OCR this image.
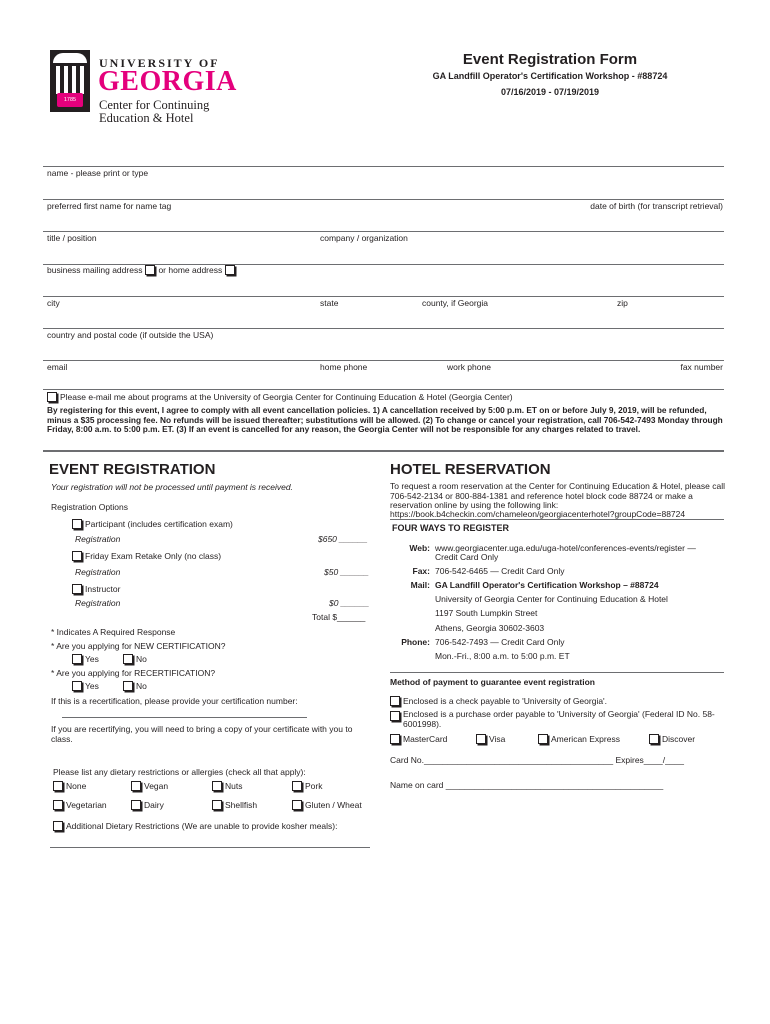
1785
UNIVERSITY OF
GEORGIA
Center for Continuing
Education & Hotel
Event Registration Form
GA Landfill Operator's Certification Workshop - #88724
07/16/2019 - 07/19/2019
name - please print or type
preferred first name for name tag	date of birth (for transcript retrieval)
title / position	company / organization
business mailing address or home address
city	state	county, if Georgia	zip
country and postal code (if outside the USA)
email	home phone	work phone	fax number
Please e-mail me about programs at the University of Georgia Center for Continuing Education & Hotel (Georgia Center)
By registering for this event, I agree to comply with all event cancellation policies. 1) A cancellation received by 5:00 p.m. ET on or before July 9, 2019, will be refunded, minus a $35 processing fee. No refunds will be issued thereafter; substitutions will be allowed. (2) To change or cancel your registration, call 706-542-7493 Monday through Friday, 8:00 a.m. to 5:00 p.m. ET. (3) If an event is cancelled for any reason, the Georgia Center will not be responsible for any charges related to travel.
EVENT REGISTRATION
Your registration will not be processed until payment is received.
Registration Options
Participant (includes certification exam)
Registration	$650 ______
Friday Exam Retake Only (no class)
Registration	$50 ______
Instructor
Registration	$0 ______
Total $______
* Indicates A Required Response
* Are you applying for NEW CERTIFICATION?
Yes	No
* Are you applying for RECERTIFICATION?
Yes	No
If this is a recertification, please provide your certification number:
If you are recertifying, you will need to bring a copy of your certificate with you to class.
Please list any dietary restrictions or allergies (check all that apply):
None	Vegan	Nuts	Pork
Vegetarian	Dairy	Shellfish	Gluten / Wheat
Additional Dietary Restrictions (We are unable to provide kosher meals):
HOTEL RESERVATION
To request a room reservation at the Center for Continuing Education & Hotel, please call 706-542-2134 or 800-884-1381 and reference hotel block code 88724 or make a reservation online by using the following link:
https://book.b4checkin.com/chameleon/georgiacenterhotel?groupCode=88724
FOUR WAYS TO REGISTER
Web: www.georgiacenter.uga.edu/uga-hotel/conferences-events/register —
Credit Card Only
Fax: 706-542-6465 — Credit Card Only
Mail: GA Landfill Operator's Certification Workshop – #88724
University of Georgia Center for Continuing Education & Hotel
1197 South Lumpkin Street
Athens, Georgia 30602-3603
Phone: 706-542-7493 — Credit Card Only
Mon.-Fri., 8:00 a.m. to 5:00 p.m. ET
Method of payment to guarantee event registration
Enclosed is a check payable to 'University of Georgia'.
Enclosed is a purchase order payable to 'University of Georgia' (Federal ID No. 58-6001998).
MasterCard	Visa	American Express	Discover
Card No.________________________________________ Expires____/____
Name on card ______________________________________________
